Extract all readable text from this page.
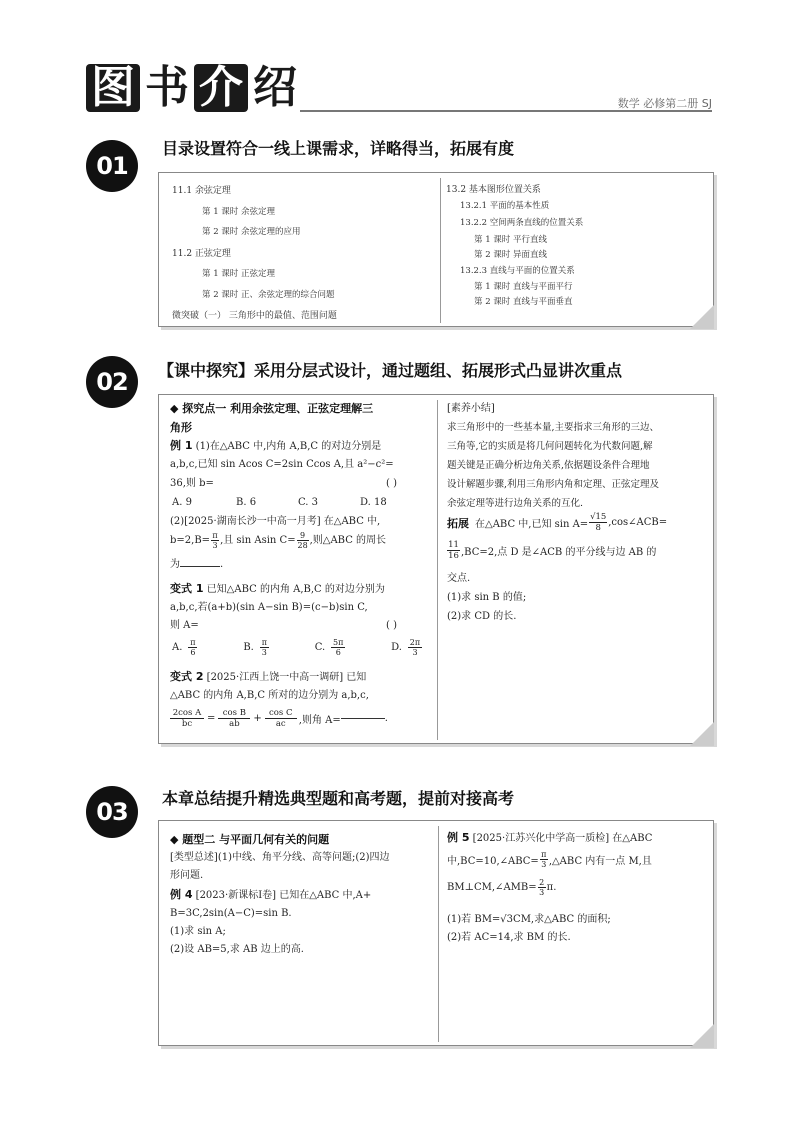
图 书 介 绍	数学 必修第二册 SJ
01
目录设置符合一线上课需求，详略得当，拓展有度
11.1 余弦定理
第 1 课时 余弦定理
第 2 课时 余弦定理的应用
11.2 正弦定理
第 1 课时 正弦定理
第 2 课时 正、余弦定理的综合问题
微突破（一） 三角形中的最值、范围问题
13.2 基本图形位置关系
13.2.1 平面的基本性质
13.2.2 空间两条直线的位置关系
第 1 课时 平行直线
第 2 课时 异面直线
13.2.3 直线与平面的位置关系
第 1 课时 直线与平面平行
第 2 课时 直线与平面垂直
02	【课中探究】采用分层式设计，通过题组、拓展形式凸显讲次重点
◆ 探究点一 利用余弦定理、正弦定理解三
角形
例 1 (1)在△ABC 中,内角 A,B,C 的对边分别是
a,b,c,已知 sin Acos C=2sin Ccos A,且 a²−c²=
36,则 b=	( )
A. 9	B. 6	C. 3	D. 18
(2)[2025·湖南长沙一中高一月考] 在△ABC 中,
b=2,B= π
3 ,且 sin Asin C= 9
28 ,则△ABC 的周长
为	.
变式 1 已知△ABC 的内角 A,B,C 的对边分别为
a,b,c,若(a+b)(sin A−sin B)=(c−b)sin C,
则 A=	( )
A. π
6	B. π
3	C. 5π
6	D. 2π
3
变式 2 [2025·江西上饶一中高一调研] 已知
△ABC 的内角 A,B,C 所对的边分别为 a,b,c,
2cos A
bc = cos B
ab + cos C
ac ,则角 A=	.
[素养小结]
求三角形中的一些基本量,主要指求三角形的三边、
三角等,它的实质是将几何问题转化为代数问题,解
题关键是正确分析边角关系,依据题设条件合理地
设计解题步骤,利用三角形内角和定理、正弦定理及
余弦定理等进行边角关系的互化.
拓展 在△ABC 中,已知 sin A=
√15
8 ,cos∠ACB=
11
16 ,BC=2,点 D 是∠ACB 的平分线与边 AB 的
交点.
(1)求 sin B 的值;
(2)求 CD 的长.
03	本章总结提升精选典型题和高考题，提前对接高考
◆ 题型二 与平面几何有关的问题
[类型总述](1)中线、角平分线、高等问题;(2)四边
形问题.
例 4 [2023·新课标Ⅰ卷] 已知在△ABC 中,A+
B=3C,2sin(A−C)=sin B.
(1)求 sin A;
(2)设 AB=5,求 AB 边上的高.
例 5 [2025·江苏兴化中学高一质检] 在△ABC
中,BC=10,∠ABC=
π
3 ,△ABC 内有一点 M,且
BM⊥CM,∠AMB= 2
3 π.
(1)若 BM=√3CM,求△ABC 的面积;
(2)若 AC=14,求 BM 的长.
